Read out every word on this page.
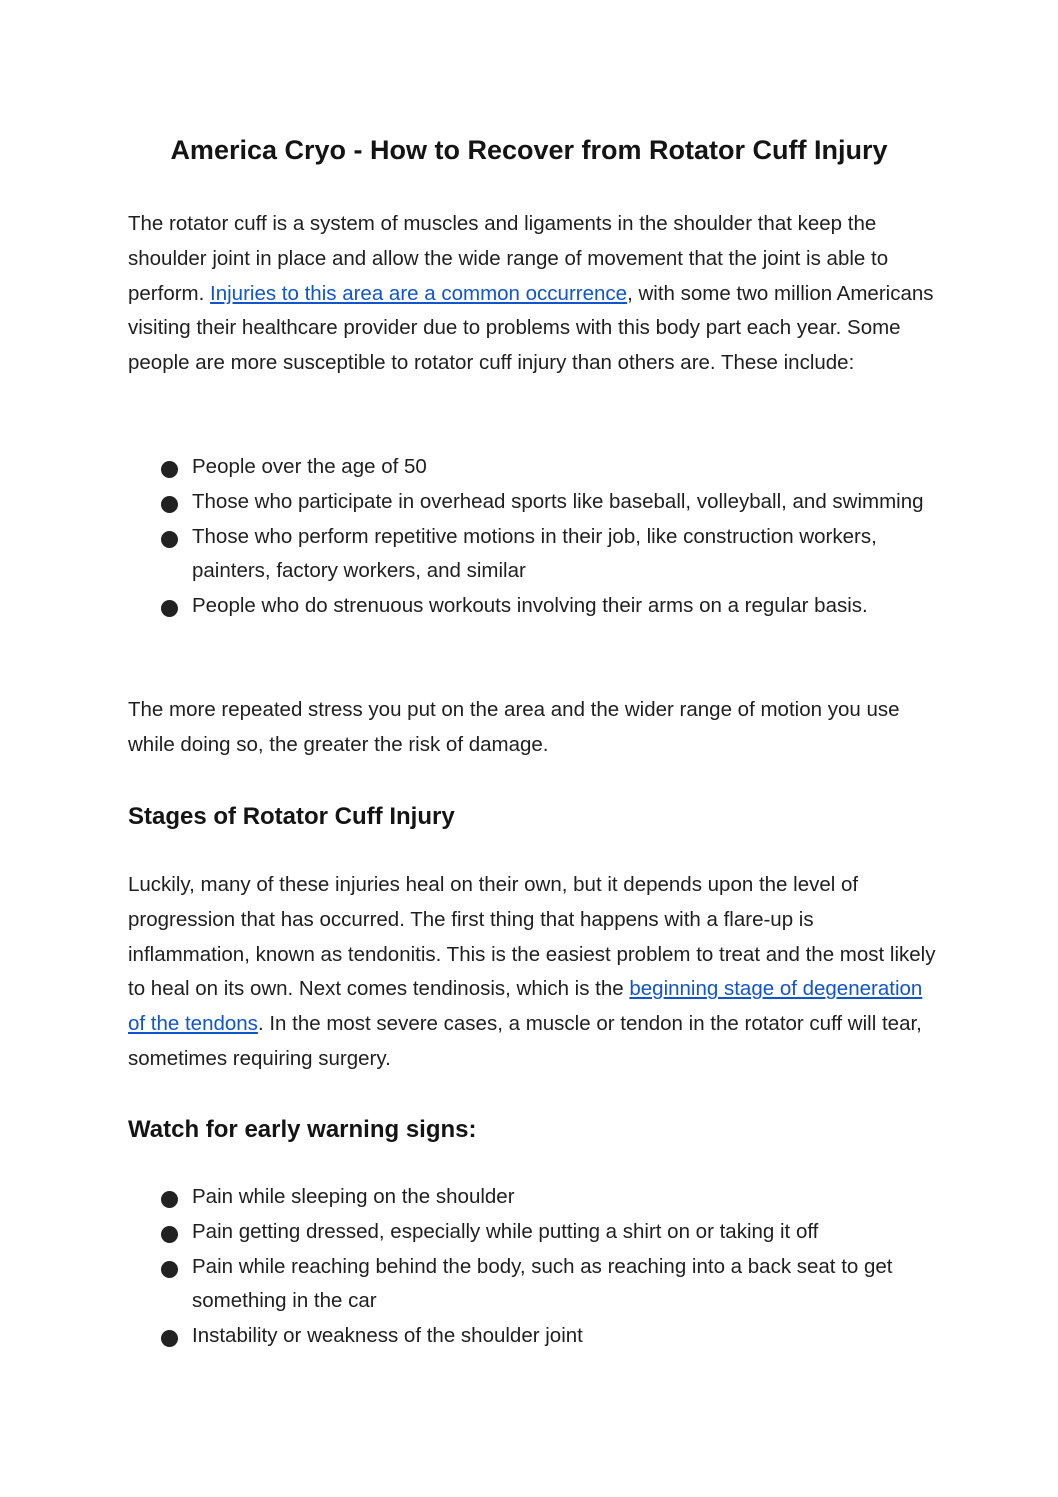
America Cryo - How to Recover from Rotator Cuff Injury

The rotator cuff is a system of muscles and ligaments in the shoulder that keep the shoulder joint in place and allow the wide range of movement that the joint is able to perform. Injuries to this area are a common occurrence, with some two million Americans visiting their healthcare provider due to problems with this body part each year. Some people are more susceptible to rotator cuff injury than others are. These include:

People over the age of 50
Those who participate in overhead sports like baseball, volleyball, and swimming
Those who perform repetitive motions in their job, like construction workers, painters, factory workers, and similar
People who do strenuous workouts involving their arms on a regular basis.

The more repeated stress you put on the area and the wider range of motion you use while doing so, the greater the risk of damage.

Stages of Rotator Cuff Injury

Luckily, many of these injuries heal on their own, but it depends upon the level of progression that has occurred. The first thing that happens with a flare-up is inflammation, known as tendonitis. This is the easiest problem to treat and the most likely to heal on its own. Next comes tendinosis, which is the beginning stage of degeneration of the tendons. In the most severe cases, a muscle or tendon in the rotator cuff will tear, sometimes requiring surgery.

Watch for early warning signs:
Pain while sleeping on the shoulder
Pain getting dressed, especially while putting a shirt on or taking it off
Pain while reaching behind the body, such as reaching into a back seat to get something in the car
Instability or weakness of the shoulder joint
